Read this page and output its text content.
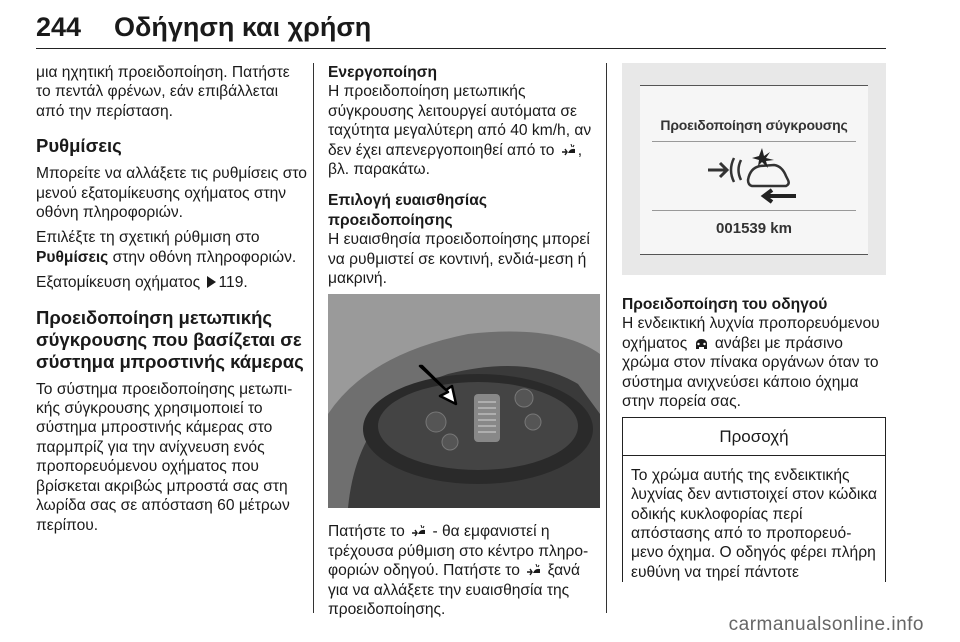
244 Οδήγηση και χρήση

μια ηχητική προειδοποίηση. Πατήστε το πεντάλ φρένων, εάν επιβάλλεται από την περίσταση.

Ρυθμίσεις

Μπορείτε να αλλάξετε τις ρυθμίσεις στο μενού εξατομίκευσης οχήματος στην οθόνη πληροφοριών.

Επιλέξτε τη σχετική ρύθμιση στο Ρυθμίσεις στην οθόνη πληροφοριών.

Εξατομίκευση οχήματος 119.

Προειδοποίηση μετωπικής σύγκρουσης που βασίζεται σε σύστημα μπροστινής κάμερας

Το σύστημα προειδοποίησης μετωπι-κής σύγκρουσης χρησιμοποιεί το σύστημα μπροστινής κάμερας στο παρμπρίζ για την ανίχνευση ενός προπορευόμενου οχήματος που βρίσκεται ακριβώς μπροστά σας στη λωρίδα σας σε απόσταση 60 μέτρων περίπου.

Ενεργοποίηση

Η προειδοποίηση μετωπικής σύγκρουσης λειτουργεί αυτόματα σε ταχύτητα μεγαλύτερη από 40 km/h, αν δεν έχει απενεργοποιηθεί από το , βλ. παρακάτω.

Επιλογή ευαισθησίας προειδοποίησης

Η ευαισθησία προειδοποίησης μπορεί να ρυθμιστεί σε κοντινή, ενδιά-μεση ή μακρινή.

Πατήστε το  - θα εμφανιστεί η τρέχουσα ρύθμιση στο κέντρο πληρο-φοριών οδηγού. Πατήστε το  ξανά για να αλλάξετε την ευαισθησία της προειδοποίησης.

Προειδοποίηση σύγκρουσης
001539 km
Προειδοποίηση του οδηγού

Η ενδεικτική λυχνία προπορευόμενου οχήματος  ανάβει με πράσινο χρώμα στον πίνακα οργάνων όταν το σύστημα ανιχνεύσει κάποιο όχημα στην πορεία σας.

Προσοχή
Το χρώμα αυτής της ενδεικτικής λυχνίας δεν αντιστοιχεί στον κώδικα οδικής κυκλοφορίας περί απόστασης από το προπορευό-μενο όχημα. Ο οδηγός φέρει πλήρη ευθύνη να τηρεί πάντοτε
carmanualsonline.info
